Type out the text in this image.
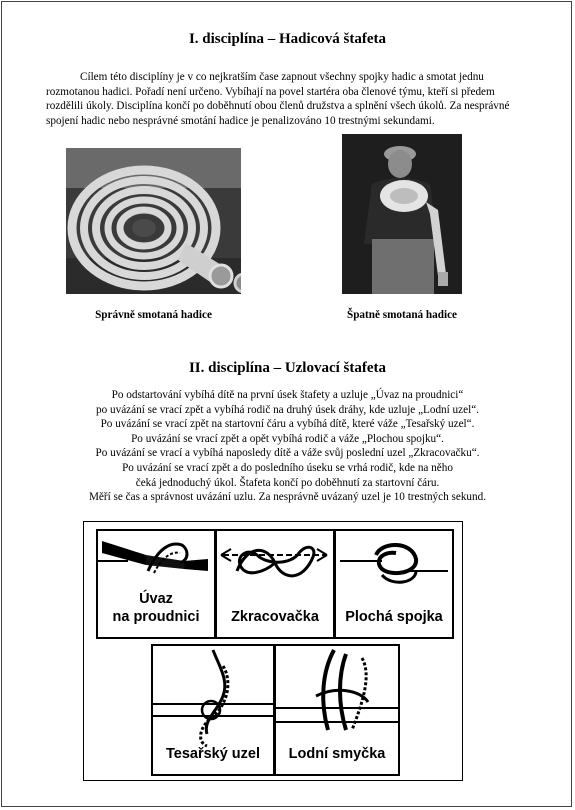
I. disciplína – Hadicová štafeta
Cílem této disciplíny je v co nejkratším čase zapnout všechny spojky hadic a smotat jednu
rozmotanou hadici. Pořadí není určeno. Vybíhají na povel startéra oba členové týmu, kteří si předem
rozdělili úkoly. Disciplína končí po doběhnutí obou členů družstva a splnění všech úkolů. Za nesprávné
spojení hadic nebo nesprávné smotání hadice je penalizováno 10 trestnými sekundami.
Správně smotaná hadice	Špatně smotaná hadice
II. disciplína – Uzlovací štafeta
Po odstartování vybíhá dítě na první úsek štafety a uzluje „Úvaz na proudnici“
po uvázání se vrací zpět a vybíhá rodič na druhý úsek dráhy, kde uzluje „Lodní uzel“.
Po uvázání se vrací zpět na startovní čáru a vybíhá dítě, které váže „Tesařský uzel“.
Po uvázání se vrací zpět a opět vybíhá rodič a váže „Plochou spojku“.
Po uvázání se vrací a vybíhá naposledy dítě a váže svůj poslední uzel „Zkracovačku“.
Po uvázání se vrací zpět a do posledního úseku se vrhá rodič, kde na něho
čeká jednoduchý úkol. Štafeta končí po doběhnutí za startovní čáru.
Měří se čas a správnost uvázání uzlu. Za nesprávně uvázaný uzel je 10 trestných sekund.
Úvaz
na proudnici	Zkracovačka	Plochá spojka
Tesařský uzel	Lodní smyčka
